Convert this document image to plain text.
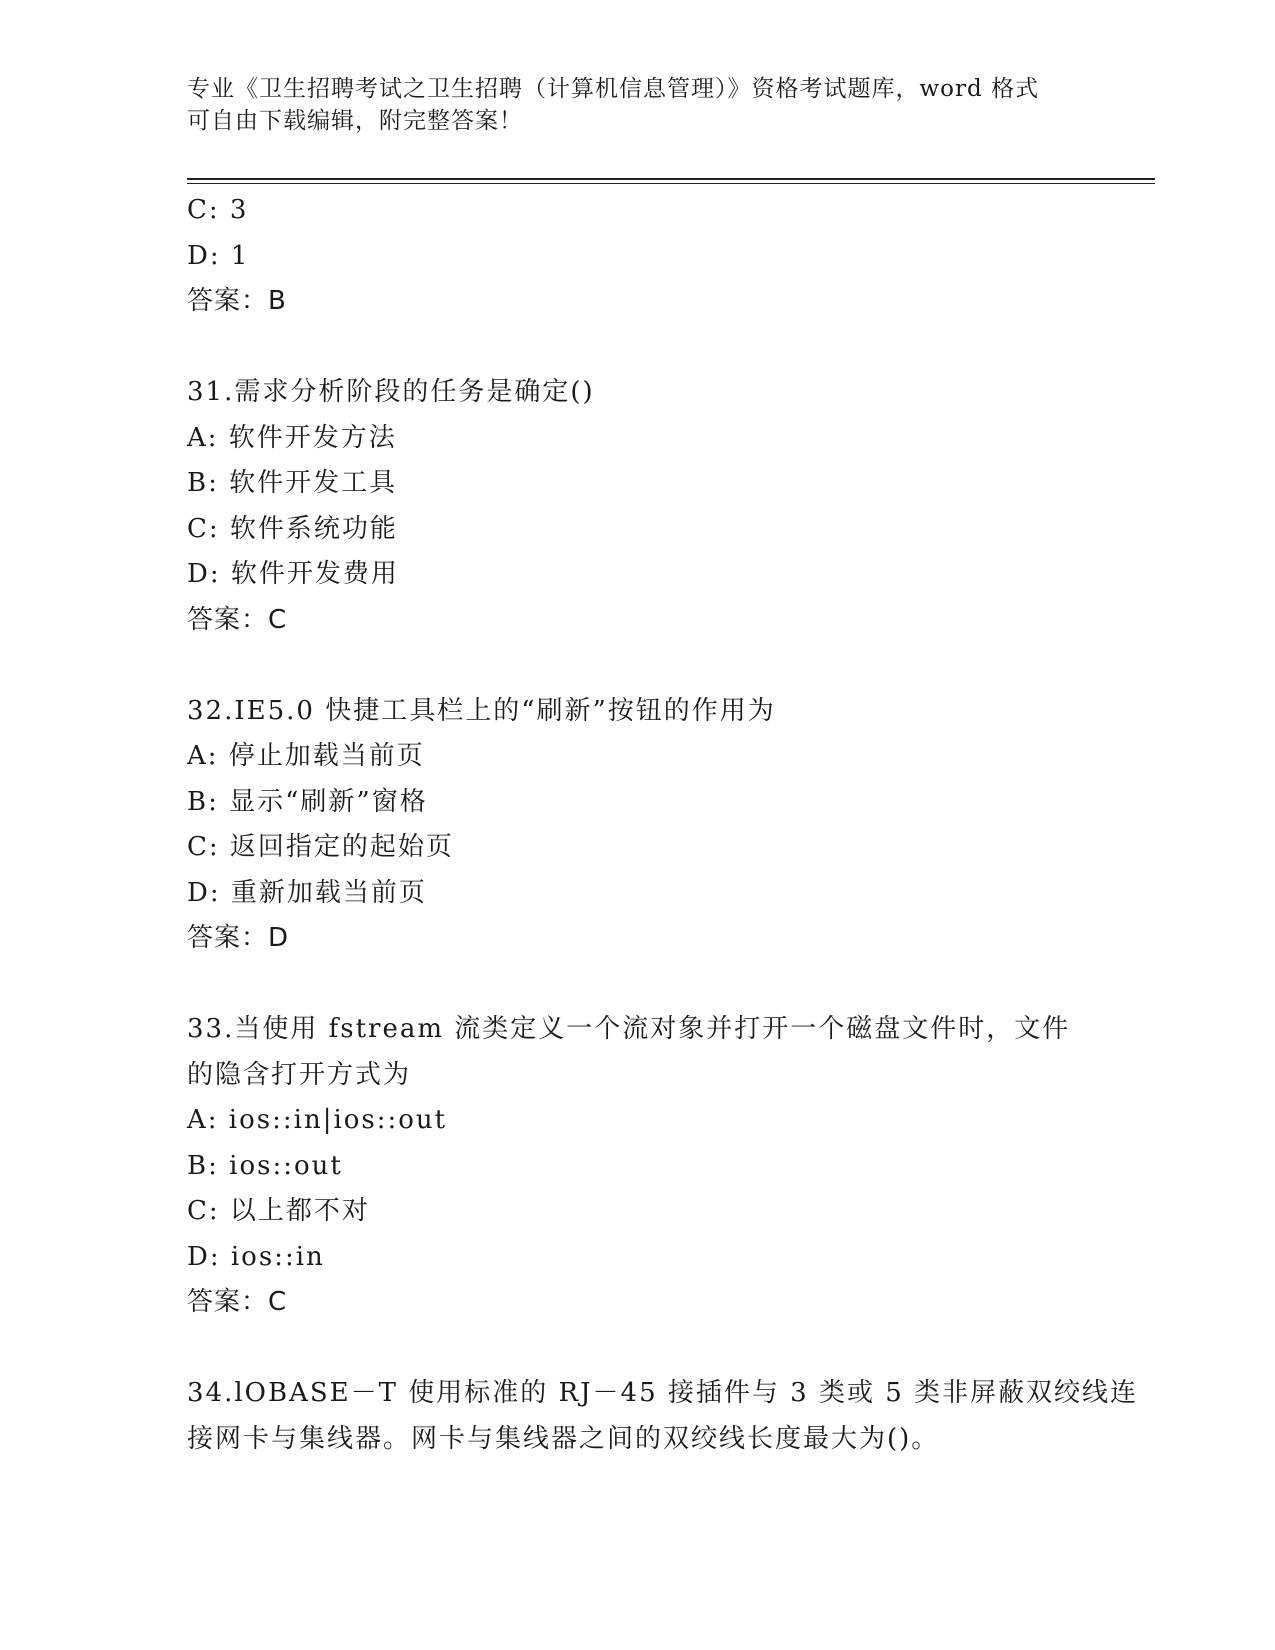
专业《卫生招聘考试之卫生招聘（计算机信息管理）》资格考试题库，word 格式
可自由下载编辑，附完整答案！
C: 3
D: 1
答案：B
31.需求分析阶段的任务是确定()
A: 软件开发方法
B: 软件开发工具
C: 软件系统功能
D: 软件开发费用
答案：C
32.IE5.0 快捷工具栏上的“刷新”按钮的作用为
A: 停止加载当前页
B: 显示“刷新”窗格
C: 返回指定的起始页
D: 重新加载当前页
答案：D
33.当使用 fstream 流类定义一个流对象并打开一个磁盘文件时，文件
的隐含打开方式为
A: ios::in|ios::out
B: ios::out
C: 以上都不对
D: ios::in
答案：C
34.lOBASE－T 使用标准的 RJ－45 接插件与 3 类或 5 类非屏蔽双绞线连
接网卡与集线器。网卡与集线器之间的双绞线长度最大为()。
